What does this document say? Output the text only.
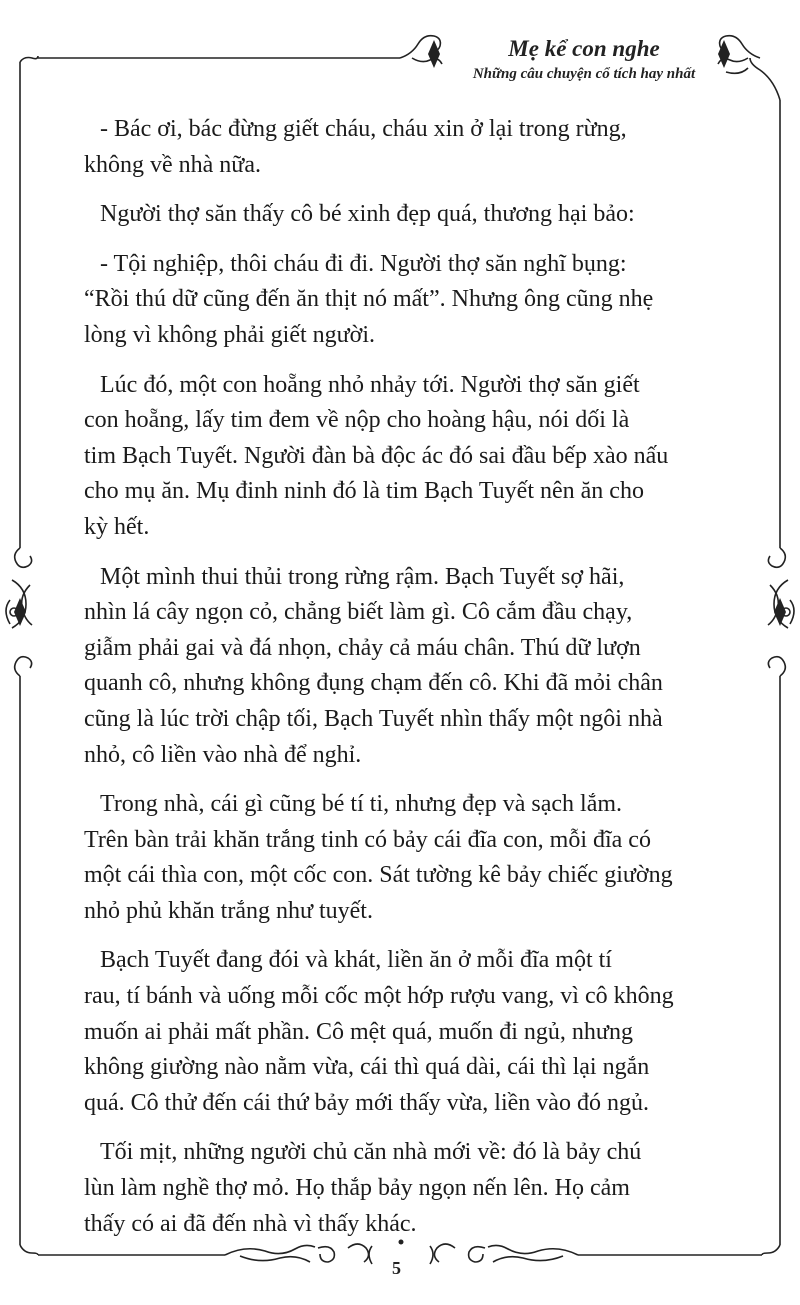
Mẹ kể con nghe
Những câu chuyện cổ tích hay nhất

- Bác ơi, bác đừng giết cháu, cháu xin ở lại trong rừng,
không về nhà nữa.

Người thợ săn thấy cô bé xinh đẹp quá, thương hại bảo:

- Tội nghiệp, thôi cháu đi đi. Người thợ săn nghĩ bụng:
“Rồi thú dữ cũng đến ăn thịt nó mất”. Nhưng ông cũng nhẹ
lòng vì không phải giết người.

Lúc đó, một con hoẵng nhỏ nhảy tới. Người thợ săn giết
con hoẵng, lấy tim đem về nộp cho hoàng hậu, nói dối là
tim Bạch Tuyết. Người đàn bà độc ác đó sai đầu bếp xào nấu
cho mụ ăn. Mụ đinh ninh đó là tim Bạch Tuyết nên ăn cho
kỳ hết.

Một mình thui thủi trong rừng rậm. Bạch Tuyết sợ hãi,
nhìn lá cây ngọn cỏ, chẳng biết làm gì. Cô cắm đầu chạy,
giẫm phải gai và đá nhọn, chảy cả máu chân. Thú dữ lượn
quanh cô, nhưng không đụng chạm đến cô. Khi đã mỏi chân
cũng là lúc trời chập tối, Bạch Tuyết nhìn thấy một ngôi nhà
nhỏ, cô liền vào nhà để nghỉ.

Trong nhà, cái gì cũng bé tí ti, nhưng đẹp và sạch lắm.
Trên bàn trải khăn trắng tinh có bảy cái đĩa con, mỗi đĩa có
một cái thìa con, một cốc con. Sát tường kê bảy chiếc giường
nhỏ phủ khăn trắng như tuyết.

Bạch Tuyết đang đói và khát, liền ăn ở mỗi đĩa một tí
rau, tí bánh và uống mỗi cốc một hớp rượu vang, vì cô không
muốn ai phải mất phần. Cô mệt quá, muốn đi ngủ, nhưng
không giường nào nằm vừa, cái thì quá dài, cái thì lại ngắn
quá. Cô thử đến cái thứ bảy mới thấy vừa, liền vào đó ngủ.

Tối mịt, những người chủ căn nhà mới về: đó là bảy chú
lùn làm nghề thợ mỏ. Họ thắp bảy ngọn nến lên. Họ cảm
thấy có ai đã đến nhà vì thấy khác.

5
